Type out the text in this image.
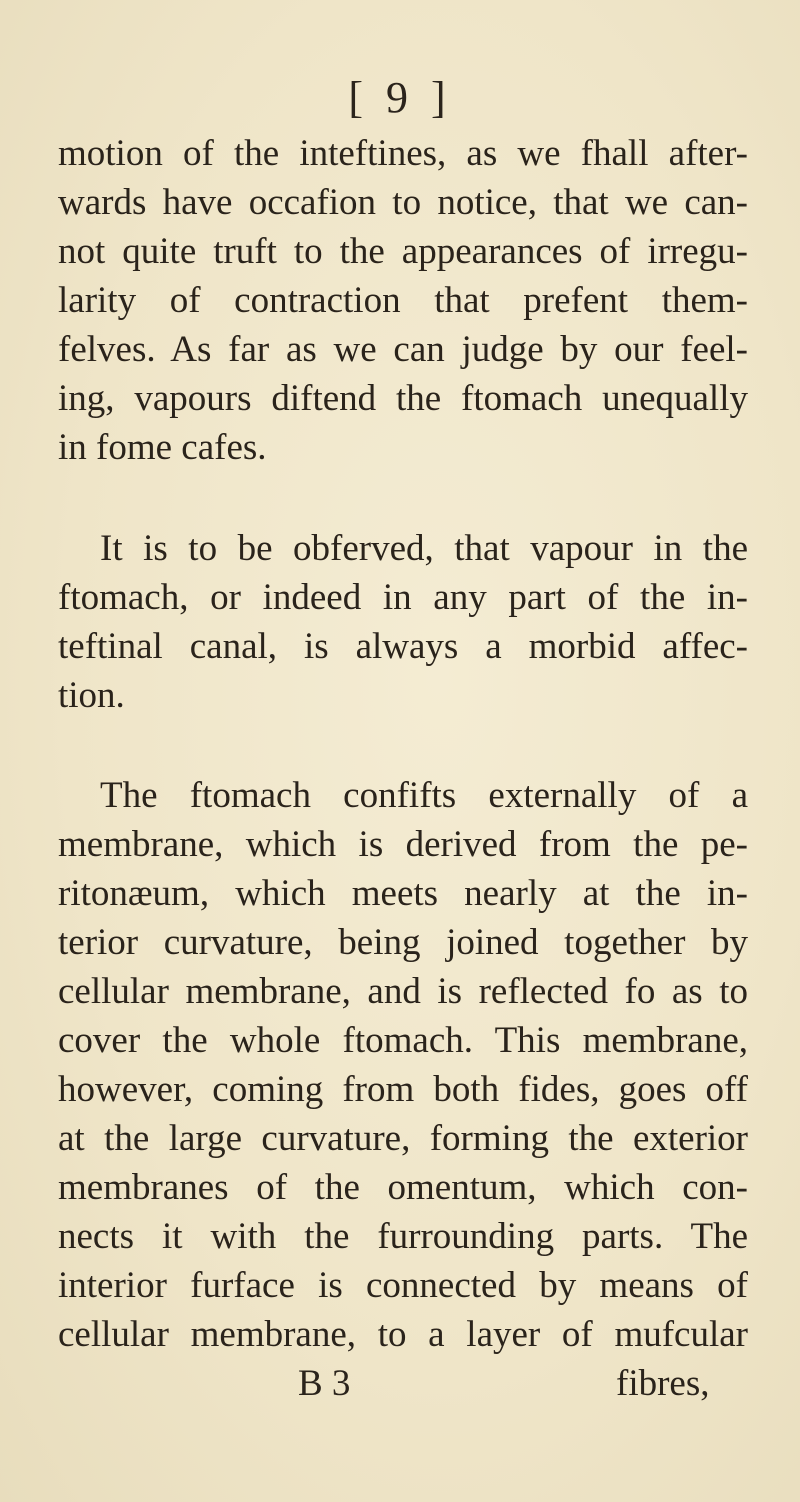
[ 9 ]
motion of the inteftines, as we fhall after-
wards have occafion to notice, that we can-
not quite truft to the appearances of irregu-
larity of contraction that prefent them-
felves. As far as we can judge by our feel-
ing, vapours diftend the ftomach unequally
in fome cafes.
It is to be obferved, that vapour in the
ftomach, or indeed in any part of the in-
teftinal canal, is always a morbid affec-
tion.
The ftomach confifts externally of a
membrane, which is derived from the pe-
ritonæum, which meets nearly at the in-
terior curvature, being joined together by
cellular membrane, and is reflected fo as to
cover the whole ftomach. This membrane,
however, coming from both fides, goes off
at the large curvature, forming the exterior
membranes of the omentum, which con-
nects it with the furrounding parts. The
interior furface is connected by means of
cellular membrane, to a layer of mufcular
B 3	fibres,
